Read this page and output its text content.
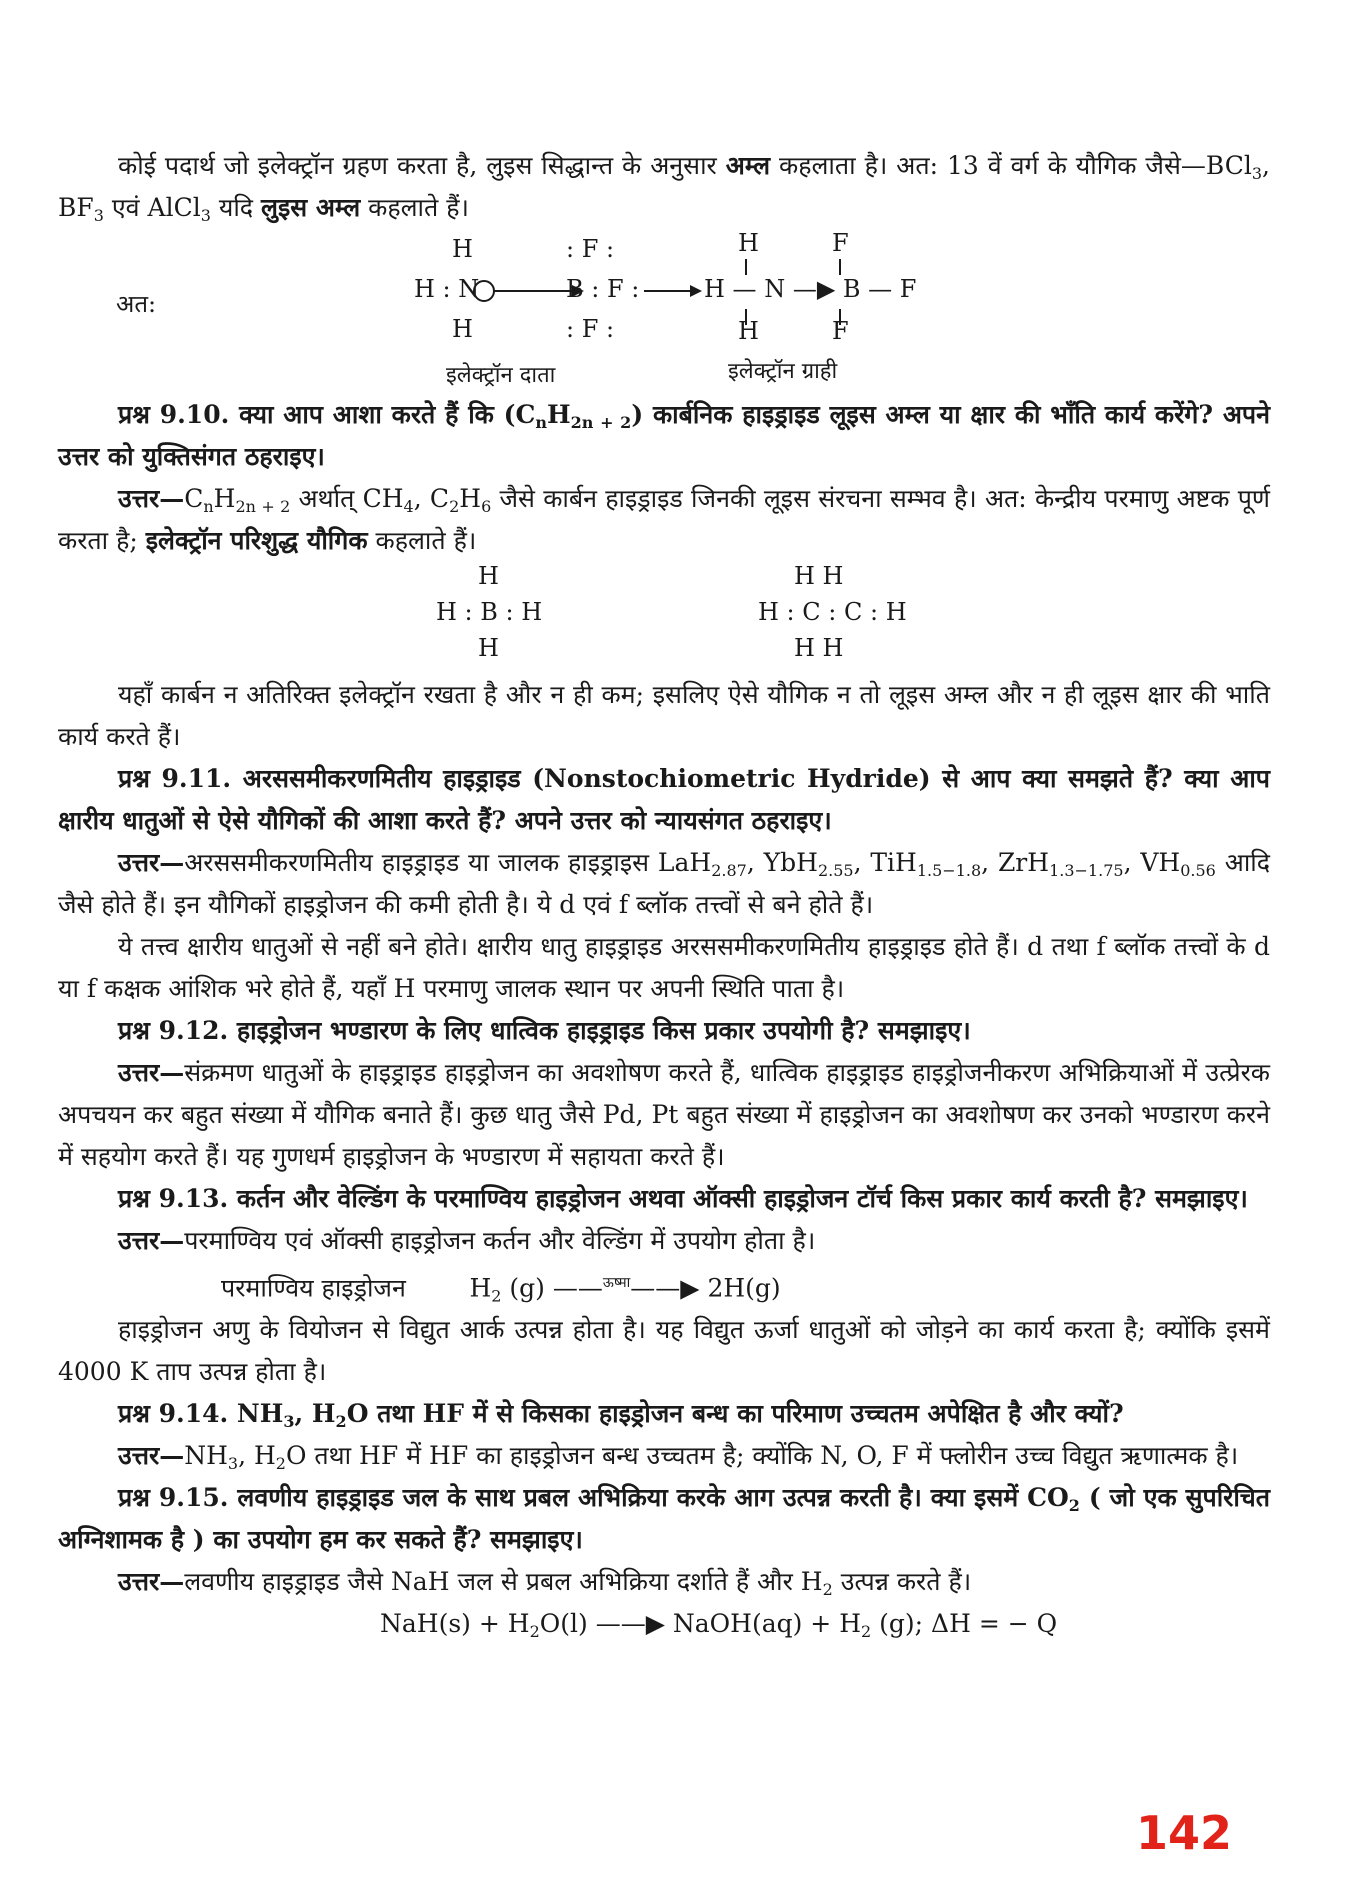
कोई पदार्थ जो इलेक्ट्रॉन ग्रहण करता है, लुइस सिद्धान्त के अनुसार अम्ल कहलाता है। अत: 13 वें वर्ग के यौगिक जैसे—BCl$_3$, $BF_3$ एवं AlCl$_3$ यदि लुइस अम्ल कहलाते हैं।

अत:
H
H : N
H
: F :
B : F :
: F :
H	F
H — N —▶ B — F
H	F
इलेक्ट्रॉन दाता	इलेक्ट्रॉन ग्राही

प्रश्न 9.10. क्या आप आशा करते हैं कि $(C_nH_{2n + 2})$ कार्बनिक हाइड्राइड लूइस अम्ल या क्षार की भाँति कार्य करेंगे? अपने उत्तर को युक्तिसंगत ठहराइए।

$उत्तर—C_nH_{2n + 2}$ अर्थात् $CH_4$, $C_2H_6$ जैसे कार्बन हाइड्राइड जिनकी लूइस संरचना सम्भव है। अत: केन्द्रीय परमाणु अष्टक पूर्ण करता है; इलेक्ट्रॉन परिशुद्ध यौगिक कहलाते हैं।

H
H : B : H
H
H H
H : C : C : H
H H

यहाँ कार्बन न अतिरिक्त इलेक्ट्रॉन रखता है और न ही कम; इसलिए ऐसे यौगिक न तो लूइस अम्ल और न ही लूइस क्षार की भाति कार्य करते हैं।

प्रश्न 9.11. अरससमीकरणमितीय हाइड्राइड (Nonstochiometric Hydride) से आप क्या समझते हैं? क्या आप क्षारीय धातुओं से ऐसे यौगिकों की आशा करते हैं? अपने उत्तर को न्यायसंगत ठहराइए।

उत्तर—अरससमीकरणमितीय हाइड्राइड या जालक हाइड्राइस LaH$_{2.87}$, YbH$_{2.55}$, TiH$_{1.5-1.8}$, ZrH$_{1.3-1.75}$, $VH_{0.56}$ आदि जैसे होते हैं। इन यौगिकों हाइड्रोजन की कमी होती है। ये d एवं f ब्लॉक तत्त्वों से बने होते हैं।

ये तत्त्व क्षारीय धातुओं से नहीं बने होते। क्षारीय धातु हाइड्राइड अरससमीकरणमितीय हाइड्राइड होते हैं। d तथा f ब्लॉक तत्त्वों के d या f कक्षक आंशिक भरे होते हैं, यहाँ H परमाणु जालक स्थान पर अपनी स्थिति पाता है।

प्रश्न 9.12. हाइड्रोजन भण्डारण के लिए धात्विक हाइड्राइड किस प्रकार उपयोगी है? समझाइए।

उत्तर—संक्रमण धातुओं के हाइड्राइड हाइड्रोजन का अवशोषण करते हैं, धात्विक हाइड्राइड हाइड्रोजनीकरण अभिक्रियाओं में उत्प्रेरक अपचयन कर बहुत संख्या में यौगिक बनाते हैं। कुछ धातु जैसे Pd, Pt बहुत संख्या में हाइड्रोजन का अवशोषण कर उनको भण्डारण करने में सहयोग करते हैं। यह गुणधर्म हाइड्रोजन के भण्डारण में सहायता करते हैं।

प्रश्न 9.13. कर्तन और वेल्डिंग के परमाण्विय हाइड्रोजन अथवा ऑक्सी हाइड्रोजन टॉर्च किस प्रकार कार्य करती है? समझाइए।

उत्तर—परमाण्विय एवं ऑक्सी हाइड्रोजन कर्तन और वेल्डिंग में उपयोग होता है।

परमाण्विय हाइड्रोजन	$H_2$ (g) ——$^{ऊष्मा}$——▶ 2H(g)

हाइड्रोजन अणु के वियोजन से विद्युत आर्क उत्पन्न होता है। यह विद्युत ऊर्जा धातुओं को जोड़ने का कार्य करता है; क्योंकि इसमें 4000 K ताप उत्पन्न होता है।

प्रश्न 9.14. $NH_3$, $H_2O$ तथा HF में से किसका हाइड्रोजन बन्ध का परिमाण उच्चतम अपेक्षित है और क्यों?

$उत्तर—NH_3$, $H_2O$ तथा HF में HF का हाइड्रोजन बन्ध उच्चतम है; क्योंकि N, O, F में फ्लोरीन उच्च विद्युत ऋणात्मक है।

प्रश्न 9.15. लवणीय हाइड्राइड जल के साथ प्रबल अभिक्रिया करके आग उत्पन्न करती है। क्या इसमें $CO_2$ ( जो एक सुपरिचित अग्निशामक है ) का उपयोग हम कर सकते हैं? समझाइए।

उत्तर—लवणीय हाइड्राइड जैसे NaH जल से प्रबल अभिक्रिया दर्शाते हैं और $H_2$ उत्पन्न करते हैं।

$NaH(s) + H_2O(l)$ ——▶ NaOH(aq) + $H_2$ (g); ΔH = − Q

142
